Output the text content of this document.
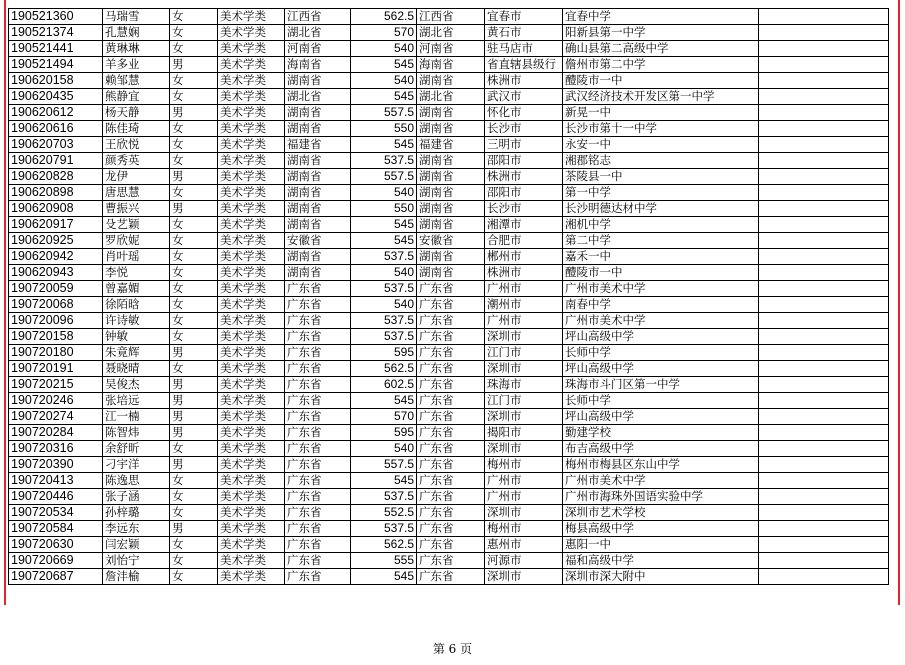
190521360	马瑞雪	女	美术学类	江西省	562.5	江西省	宜春市	宜春中学	
190521374	孔慧娴	女	美术学类	湖北省	570	湖北省	黄石市	阳新县第一中学	
190521441	黄琳琳	女	美术学类	河南省	540	河南省	驻马店市	确山县第二高级中学	
190521494	羊多业	男	美术学类	海南省	545	海南省	省直辖县级行	儋州市第二中学	
190620158	赖邹慧	女	美术学类	湖南省	540	湖南省	株洲市	醴陵市一中	
190620435	熊静宜	女	美术学类	湖北省	545	湖北省	武汉市	武汉经济技术开发区第一中学	
190620612	杨天静	男	美术学类	湖南省	557.5	湖南省	怀化市	新晃一中	
190620616	陈佳琦	女	美术学类	湖南省	550	湖南省	长沙市	长沙市第十一中学	
190620703	王欣悦	女	美术学类	福建省	545	福建省	三明市	永安一中	
190620791	颜秀英	女	美术学类	湖南省	537.5	湖南省	邵阳市	湘郡铭志	
190620828	龙伊	男	美术学类	湖南省	557.5	湖南省	株洲市	茶陵县一中	
190620898	唐思慧	女	美术学类	湖南省	540	湖南省	邵阳市	第一中学	
190620908	曹振兴	男	美术学类	湖南省	550	湖南省	长沙市	长沙明德达材中学	
190620917	殳艺颖	女	美术学类	湖南省	545	湖南省	湘潭市	湘机中学	
190620925	罗欣妮	女	美术学类	安徽省	545	安徽省	合肥市	第二中学	
190620942	肖叶瑶	女	美术学类	湖南省	537.5	湖南省	郴州市	嘉禾一中	
190620943	李悦	女	美术学类	湖南省	540	湖南省	株洲市	醴陵市一中	
190720059	曾嘉媚	女	美术学类	广东省	537.5	广东省	广州市	广州市美术中学	
190720068	徐陌晗	女	美术学类	广东省	540	广东省	潮州市	南春中学	
190720096	许诗敏	女	美术学类	广东省	537.5	广东省	广州市	广州市美术中学	
190720158	钟敏	女	美术学类	广东省	537.5	广东省	深圳市	坪山高级中学	
190720180	朱竟辉	男	美术学类	广东省	595	广东省	江门市	长师中学	
190720191	聂晓晴	女	美术学类	广东省	562.5	广东省	深圳市	坪山高级中学	
190720215	吴俊杰	男	美术学类	广东省	602.5	广东省	珠海市	珠海市斗门区第一中学	
190720246	张培远	男	美术学类	广东省	545	广东省	江门市	长师中学	
190720274	江一楠	男	美术学类	广东省	570	广东省	深圳市	坪山高级中学	
190720284	陈智炜	男	美术学类	广东省	595	广东省	揭阳市	勤建学校	
190720316	余舒昕	女	美术学类	广东省	540	广东省	深圳市	布吉高级中学	
190720390	刁宇洋	男	美术学类	广东省	557.5	广东省	梅州市	梅州市梅县区东山中学	
190720413	陈逸思	女	美术学类	广东省	545	广东省	广州市	广州市美术中学	
190720446	张子涵	女	美术学类	广东省	537.5	广东省	广州市	广州市海珠外国语实验中学	
190720534	孙梓璐	女	美术学类	广东省	552.5	广东省	深圳市	深圳市艺术学校	
190720584	李远东	男	美术学类	广东省	537.5	广东省	梅州市	梅县高级中学	
190720630	闫宏颖	女	美术学类	广东省	562.5	广东省	惠州市	惠阳一中	
190720669	刘怡宁	女	美术学类	广东省	555	广东省	河源市	福和高级中学	
190720687	詹沣榆	女	美术学类	广东省	545	广东省	深圳市	深圳市深大附中	
第 6 页
